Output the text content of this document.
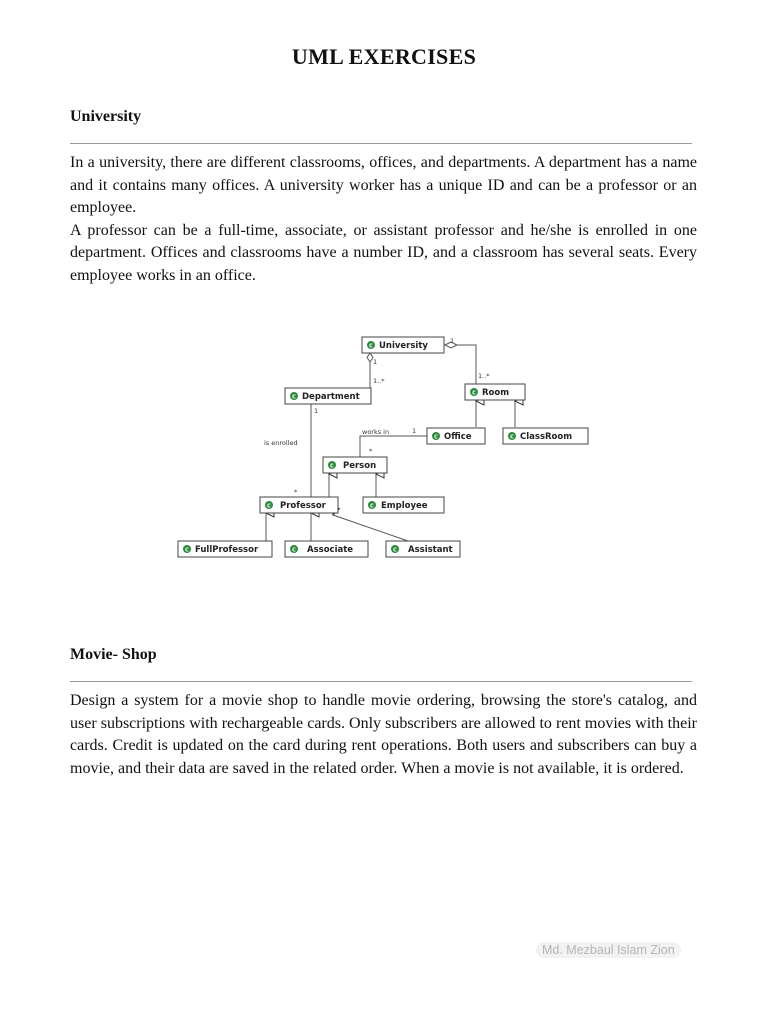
UML EXERCISES
University

In a university, there are different classrooms, offices, and departments. A department has a name and it contains many offices. A university worker has a unique ID and can be a professor or an employee.

A professor can be a full-time, associate, or assistant professor and he/she is enrolled in one department. Offices and classrooms have a number ID, and a classroom has several seats. Every employee works in an office.

C University
C Department	C Room
C Office	C ClassRoom
C Person
C Professor	C Employee
C FullProfessor	C Associate	C Assistant
1
1..*
1
1..*
works in	1
*
is enrolled
1
*
Movie- Shop

Design a system for a movie shop to handle movie ordering, browsing the store's catalog, and user subscriptions with rechargeable cards. Only subscribers are allowed to rent movies with their cards. Credit is updated on the card during rent operations. Both users and subscribers can buy a movie, and their data are saved in the related order. When a movie is not available, it is ordered.

Md. Mezbaul Islam Zion
